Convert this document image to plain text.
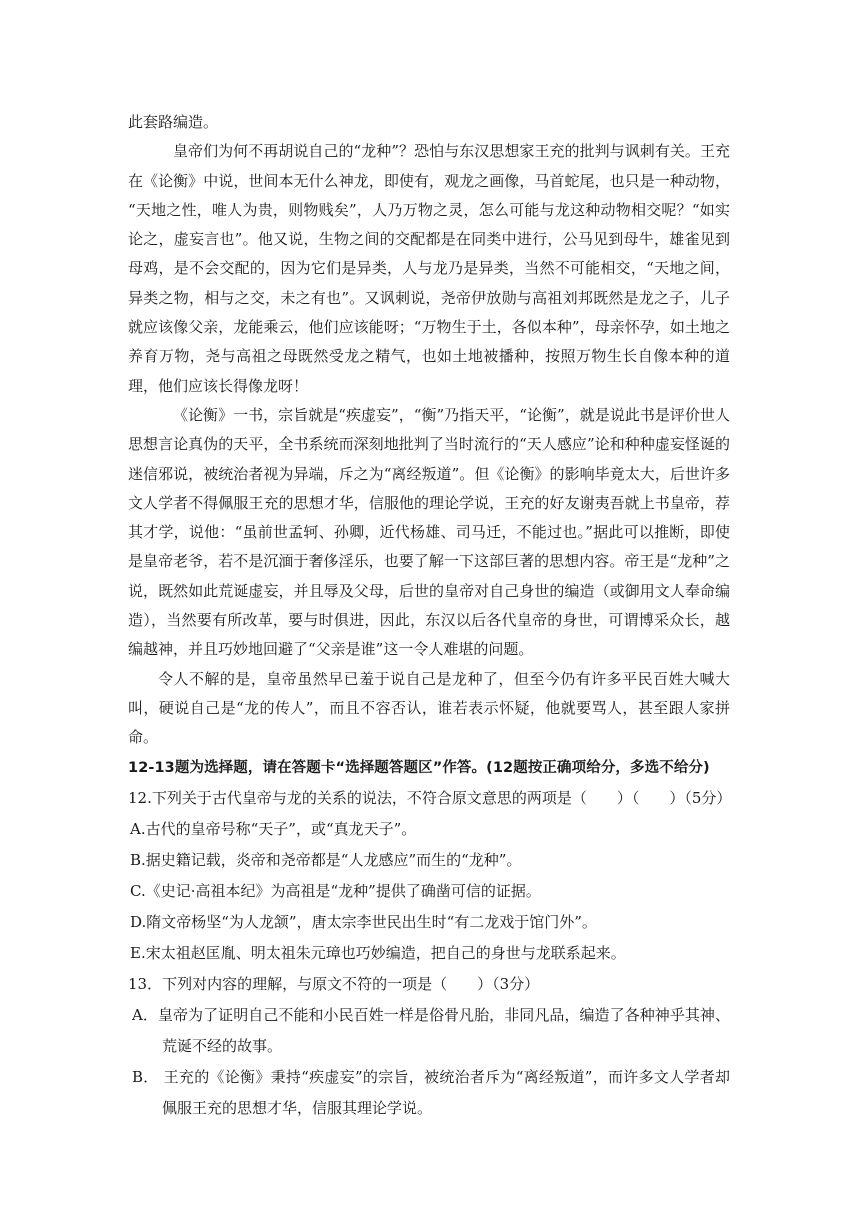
此套路编造。

皇帝们为何不再胡说自己的“龙种”？恐怕与东汉思想家王充的批判与讽刺有关。王充在《论衡》中说，世间本无什么神龙，即使有，观龙之画像，马首蛇尾，也只是一种动物， “天地之性，唯人为贵，则物贱矣”，人乃万物之灵，怎么可能与龙这种动物相交呢？“如实论之，虚妄言也”。他又说，生物之间的交配都是在同类中进行，公马见到母牛，雄雀见到母鸡，是不会交配的，因为它们是异类，人与龙乃是异类，当然不可能相交，“天地之间，异类之物，相与之交，未之有也”。又讽刺说，尧帝伊放勋与高祖刘邦既然是龙之子，儿子就应该像父亲，龙能乘云，他们应该能呀；“万物生于土，各似本种”，母亲怀孕，如土地之养育万物，尧与高祖之母既然受龙之精气，也如土地被播种，按照万物生长自像本种的道理，他们应该长得像龙呀！

《论衡》一书，宗旨就是“疾虚妄”，“衡”乃指天平，“论衡”，就是说此书是评价世人思想言论真伪的天平，全书系统而深刻地批判了当时流行的“天人感应”论和种种虚妄怪诞的迷信邪说，被统治者视为异端，斥之为“离经叛道”。但《论衡》的影响毕竟太大，后世许多文人学者不得佩服王充的思想才华，信服他的理论学说，王充的好友谢夷吾就上书皇帝，荐其才学，说他：“虽前世孟轲、孙卿，近代杨雄、司马迁，不能过也。”据此可以推断，即使是皇帝老爷，若不是沉湎于奢侈淫乐，也要了解一下这部巨著的思想内容。帝王是“龙种”之说，既然如此荒诞虚妄，并且辱及父母，后世的皇帝对自己身世的编造（或御用文人奉命编造），当然要有所改革，要与时俱进，因此，东汉以后各代皇帝的身世，可谓博采众长，越编越神，并且巧妙地回避了“父亲是谁”这一令人难堪的问题。

令人不解的是，皇帝虽然早已羞于说自己是龙种了，但至今仍有许多平民百姓大喊大叫，硬说自己是“龙的传人”，而且不容否认，谁若表示怀疑，他就要骂人，甚至跟人家拼命。

12-13题为选择题，请在答题卡“选择题答题区”作答。(12题按正确项给分，多选不给分)

12.下列关于古代皇帝与龙的关系的说法，不符合原文意思的两项是（　　）（　　）（5分）

A.古代的皇帝号称“天子”，或“真龙天子”。

B.据史籍记载，炎帝和尧帝都是“人龙感应”而生的“龙种”。

C.《史记·高祖本纪》为高祖是“龙种”提供了确凿可信的证据。

D.隋文帝杨坚“为人龙颔”，唐太宗李世民出生时“有二龙戏于馆门外”。

E.宋太祖赵匡胤、明太祖朱元璋也巧妙编造，把自己的身世与龙联系起来。

13．下列对内容的理解，与原文不符的一项是（　　）（3分）

A．皇帝为了证明自己不能和小民百姓一样是俗骨凡胎，非同凡品，编造了各种神乎其神、荒诞不经的故事。

B． 王充的《论衡》秉持“疾虚妄”的宗旨，被统治者斥为“离经叛道”，而许多文人学者却佩服王充的思想才华，信服其理论学说。
